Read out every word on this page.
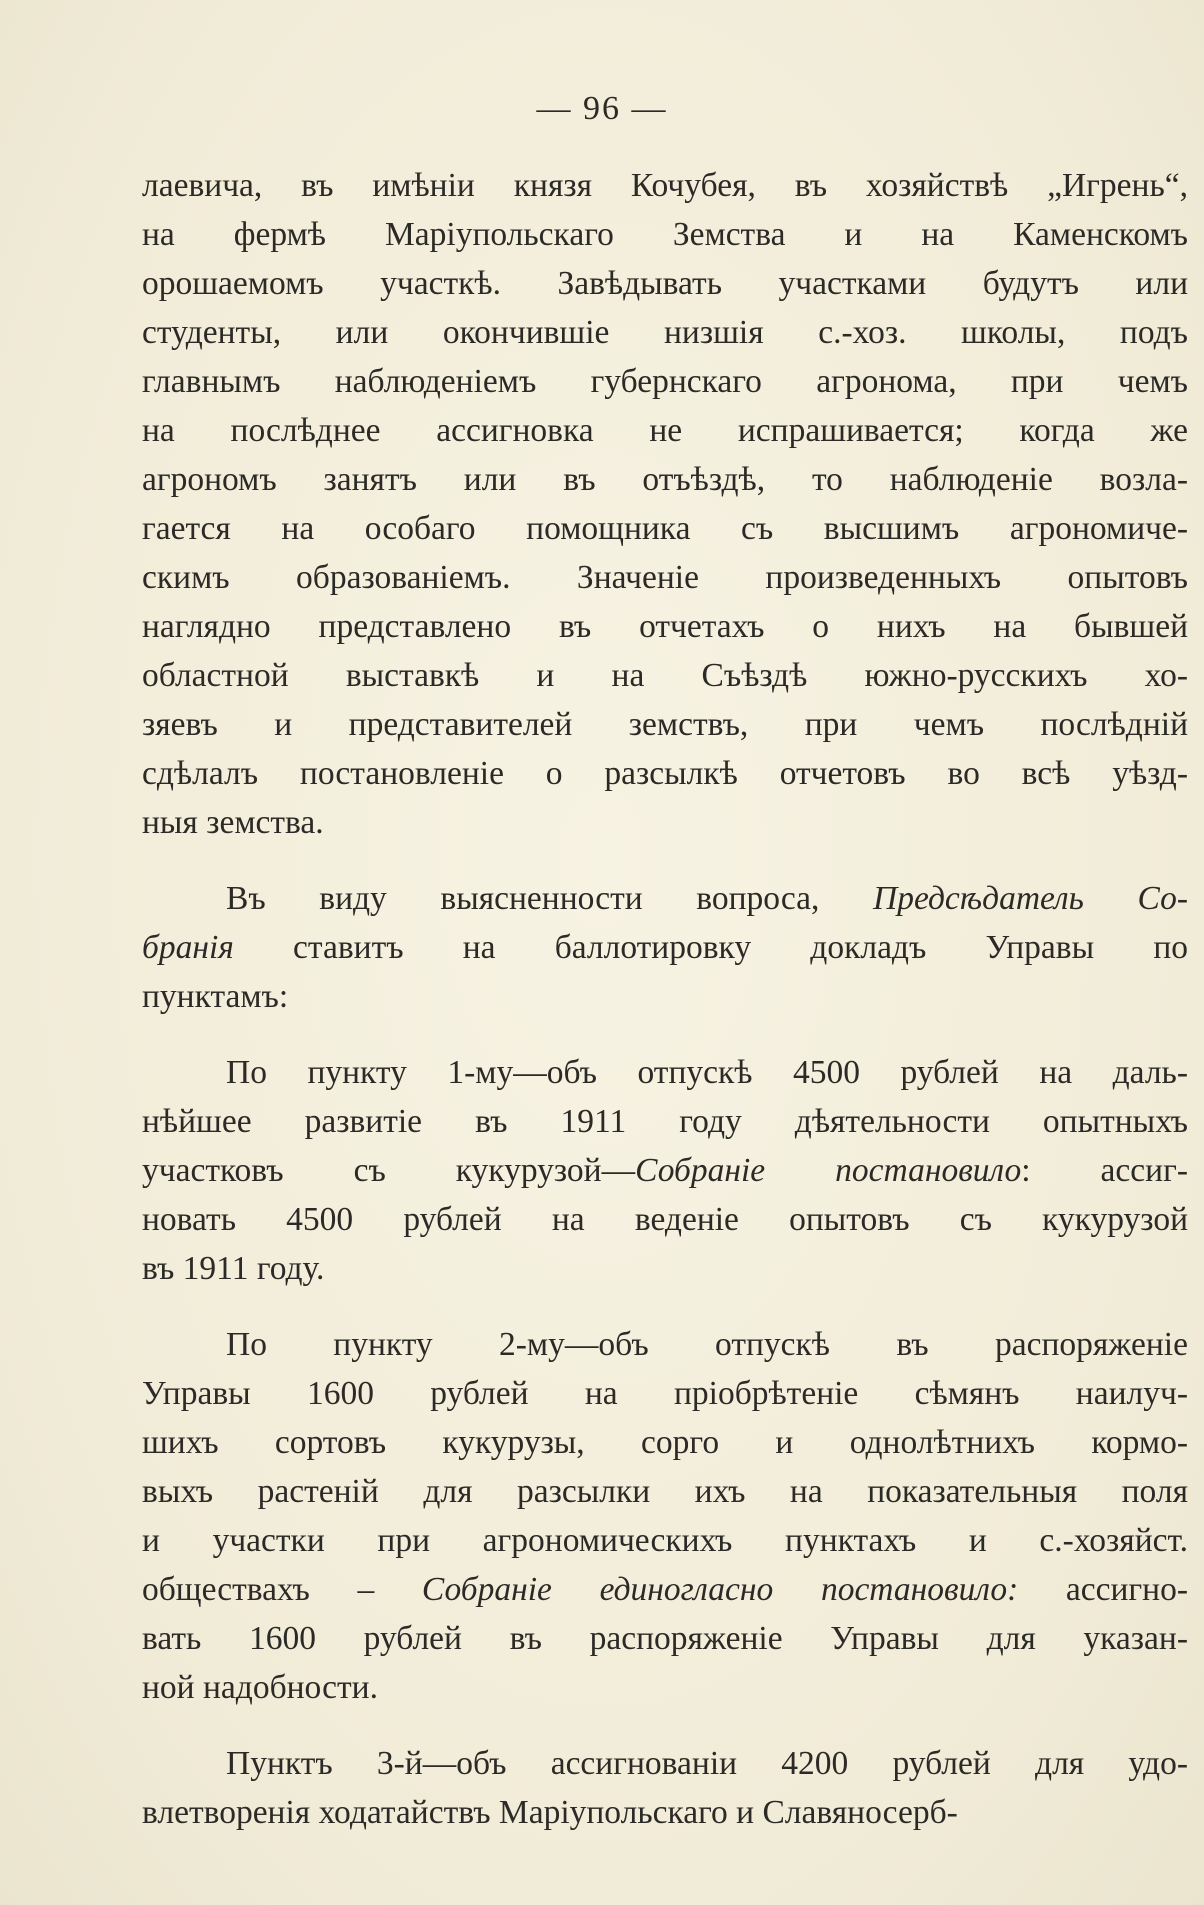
— 96 —
лаевича, въ имѣніи князя Кочубея, въ хозяйствѣ „Игрень“,
на фермѣ Маріупольскаго Земства и на Каменскомъ
орошаемомъ участкѣ. Завѣдывать участками будутъ или
студенты, или окончившіе низшія с.-хоз. школы, подъ
главнымъ наблюденіемъ губернскаго агронома, при чемъ
на послѣднее ассигновка не испрашивается; когда же
агрономъ занятъ или въ отъѣздѣ, то наблюденіе возла-
гается на особаго помощника съ высшимъ агрономиче-
скимъ образованіемъ. Значеніе произведенныхъ опытовъ
наглядно представлено въ отчетахъ о нихъ на бывшей
областной выставкѣ и на Съѣздѣ южно-русскихъ хо-
зяевъ и представителей земствъ, при чемъ послѣдній
сдѣлалъ постановленіе о разсылкѣ отчетовъ во всѣ уѣзд-
ныя земства.
Въ виду выясненности вопроса, Предсѣдатель Со-
бранія ставитъ на баллотировку докладъ Управы по
пунктамъ:
По пункту 1-му—объ отпускѣ 4500 рублей на даль-
нѣйшее развитіе въ 1911 году дѣятельности опытныхъ
участковъ съ кукурузой—Собраніе постановило: ассиг-
новать 4500 рублей на веденіе опытовъ съ кукурузой
въ 1911 году.
По пункту 2-му—объ отпускѣ въ распоряженіе
Управы 1600 рублей на пріобрѣтеніе сѣмянъ наилуч-
шихъ сортовъ кукурузы, сорго и однолѣтнихъ кормо-
выхъ растеній для разсылки ихъ на показательныя поля
и участки при агрономическихъ пунктахъ и с.-хозяйст.
обществахъ – Собраніе единогласно постановило: ассигно-
вать 1600 рублей въ распоряженіе Управы для указан-
ной надобности.
Пунктъ 3-й—объ ассигнованіи 4200 рублей для удо-
влетворенія ходатайствъ Маріупольскаго и Славяносерб-
